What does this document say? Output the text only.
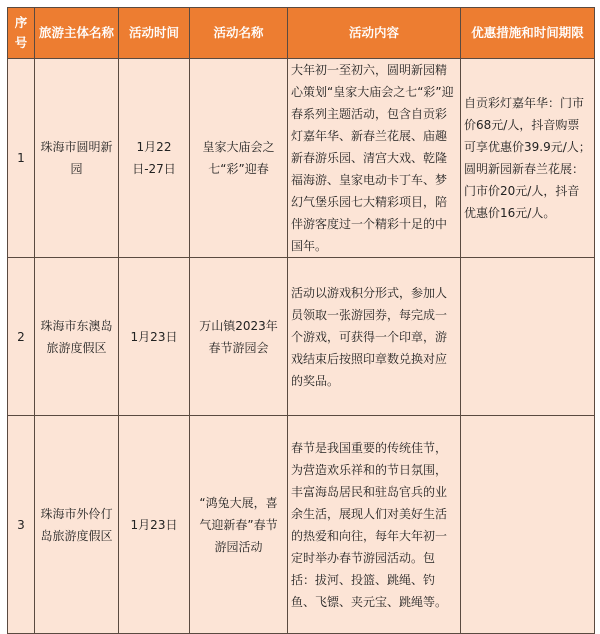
序号	旅游主体名称	活动时间	活动名称	活动内容	优惠措施和时间期限
1	珠海市圆明新园	1月22日-27日	皇家大庙会之七“彩”迎春	大年初一至初六，圆明新园精心策划“皇家大庙会之七“彩”迎春系列主题活动，包含自贡彩灯嘉年华、新春兰花展、庙趣新春游乐园、清宫大戏、乾隆福海游、皇家电动卡丁车、梦幻气堡乐园七大精彩项目，陪伴游客度过一个精彩十足的中国年。	自贡彩灯嘉年华：门市价68元/人，抖音购票可享优惠价39.9元/人；圆明新园新春兰花展：门市价20元/人，抖音优惠价16元/人。
2	珠海市东澳岛旅游度假区	1月23日	万山镇2023年春节游园会	活动以游戏积分形式，参加人员领取一张游园券，每完成一个游戏，可获得一个印章，游戏结束后按照印章数兑换对应的奖品。	
3	珠海市外伶仃岛旅游度假区	1月23日	“鸿兔大展，喜气迎新春”春节游园活动	春节是我国重要的传统佳节，为营造欢乐祥和的节日氛围，丰富海岛居民和驻岛官兵的业余生活，展现人们对美好生活的热爱和向往，每年大年初一定时举办春节游园活动。包括：拔河、投篮、跳绳、钓鱼、飞镖、夹元宝、跳绳等。	
